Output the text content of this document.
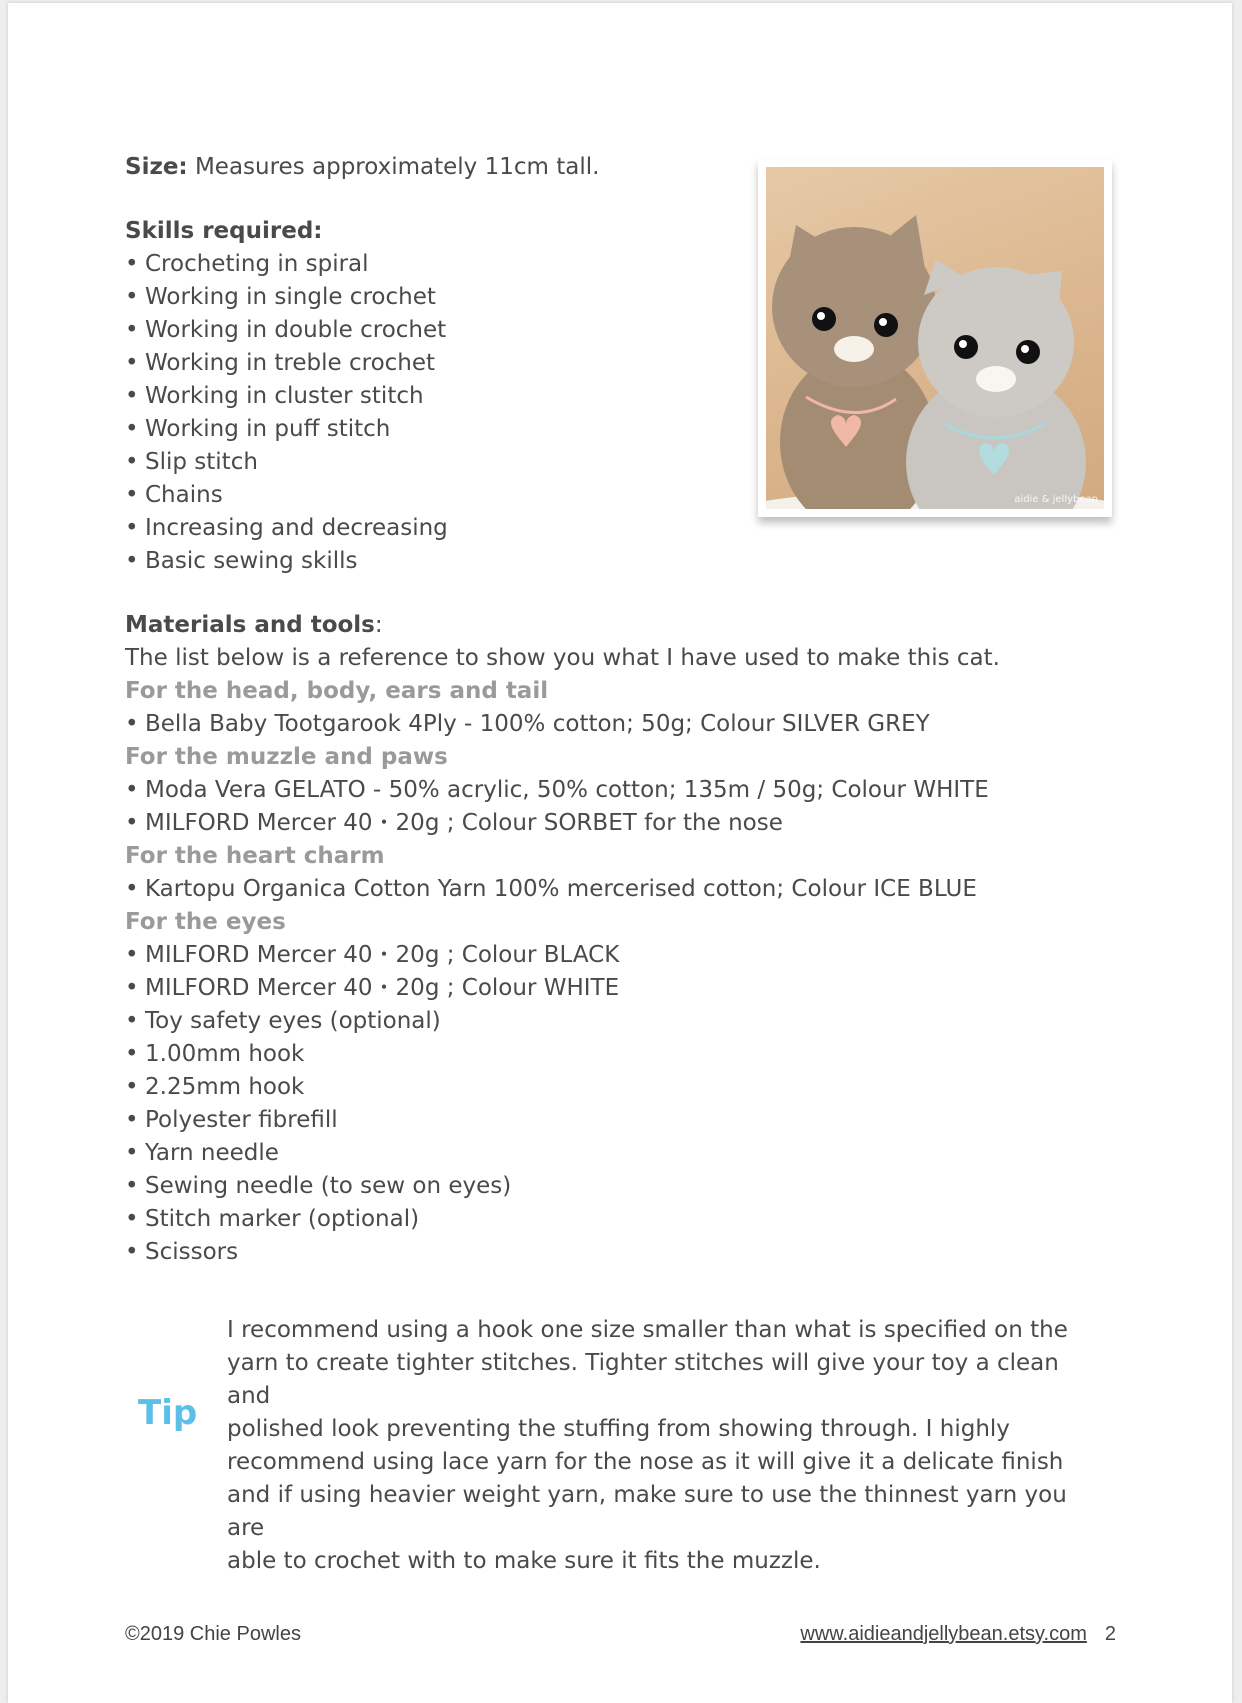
Size: Measures approximately 11cm tall.
Skills required:
• Crocheting in spiral
• Working in single crochet
• Working in double crochet
• Working in treble crochet
• Working in cluster stitch
• Working in puff stitch
• Slip stitch
• Chains
• Increasing and decreasing
• Basic sewing skills
Materials and tools:
The list below is a reference to show you what I have used to make this cat.
For the head, body, ears and tail
• Bella Baby Tootgarook 4Ply - 100% cotton; 50g; Colour SILVER GREY
For the muzzle and paws
• Moda Vera GELATO - 50% acrylic, 50% cotton; 135m / 50g; Colour WHITE
• MILFORD Mercer 40・20g ; Colour SORBET for the nose
For the heart charm
• Kartopu Organica Cotton Yarn 100% mercerised cotton; Colour ICE BLUE
For the eyes
• MILFORD Mercer 40・20g ; Colour BLACK
• MILFORD Mercer 40・20g ; Colour WHITE
• Toy safety eyes (optional)
• 1.00mm hook
• 2.25mm hook
• Polyester fibrefill
• Yarn needle
• Sewing needle (to sew on eyes)
• Stitch marker (optional)
• Scissors
aidie & jellybean
Tip
I recommend using a hook one size smaller than what is specified on the
yarn to create tighter stitches. Tighter stitches will give your toy a clean and
polished look preventing the stuffing from showing through. I highly
recommend using lace yarn for the nose as it will give it a delicate finish
and if using heavier weight yarn, make sure to use the thinnest yarn you are
able to crochet with to make sure it fits the muzzle.
©2019 Chie Powles	www.aidieandjellybean.etsy.com 2
